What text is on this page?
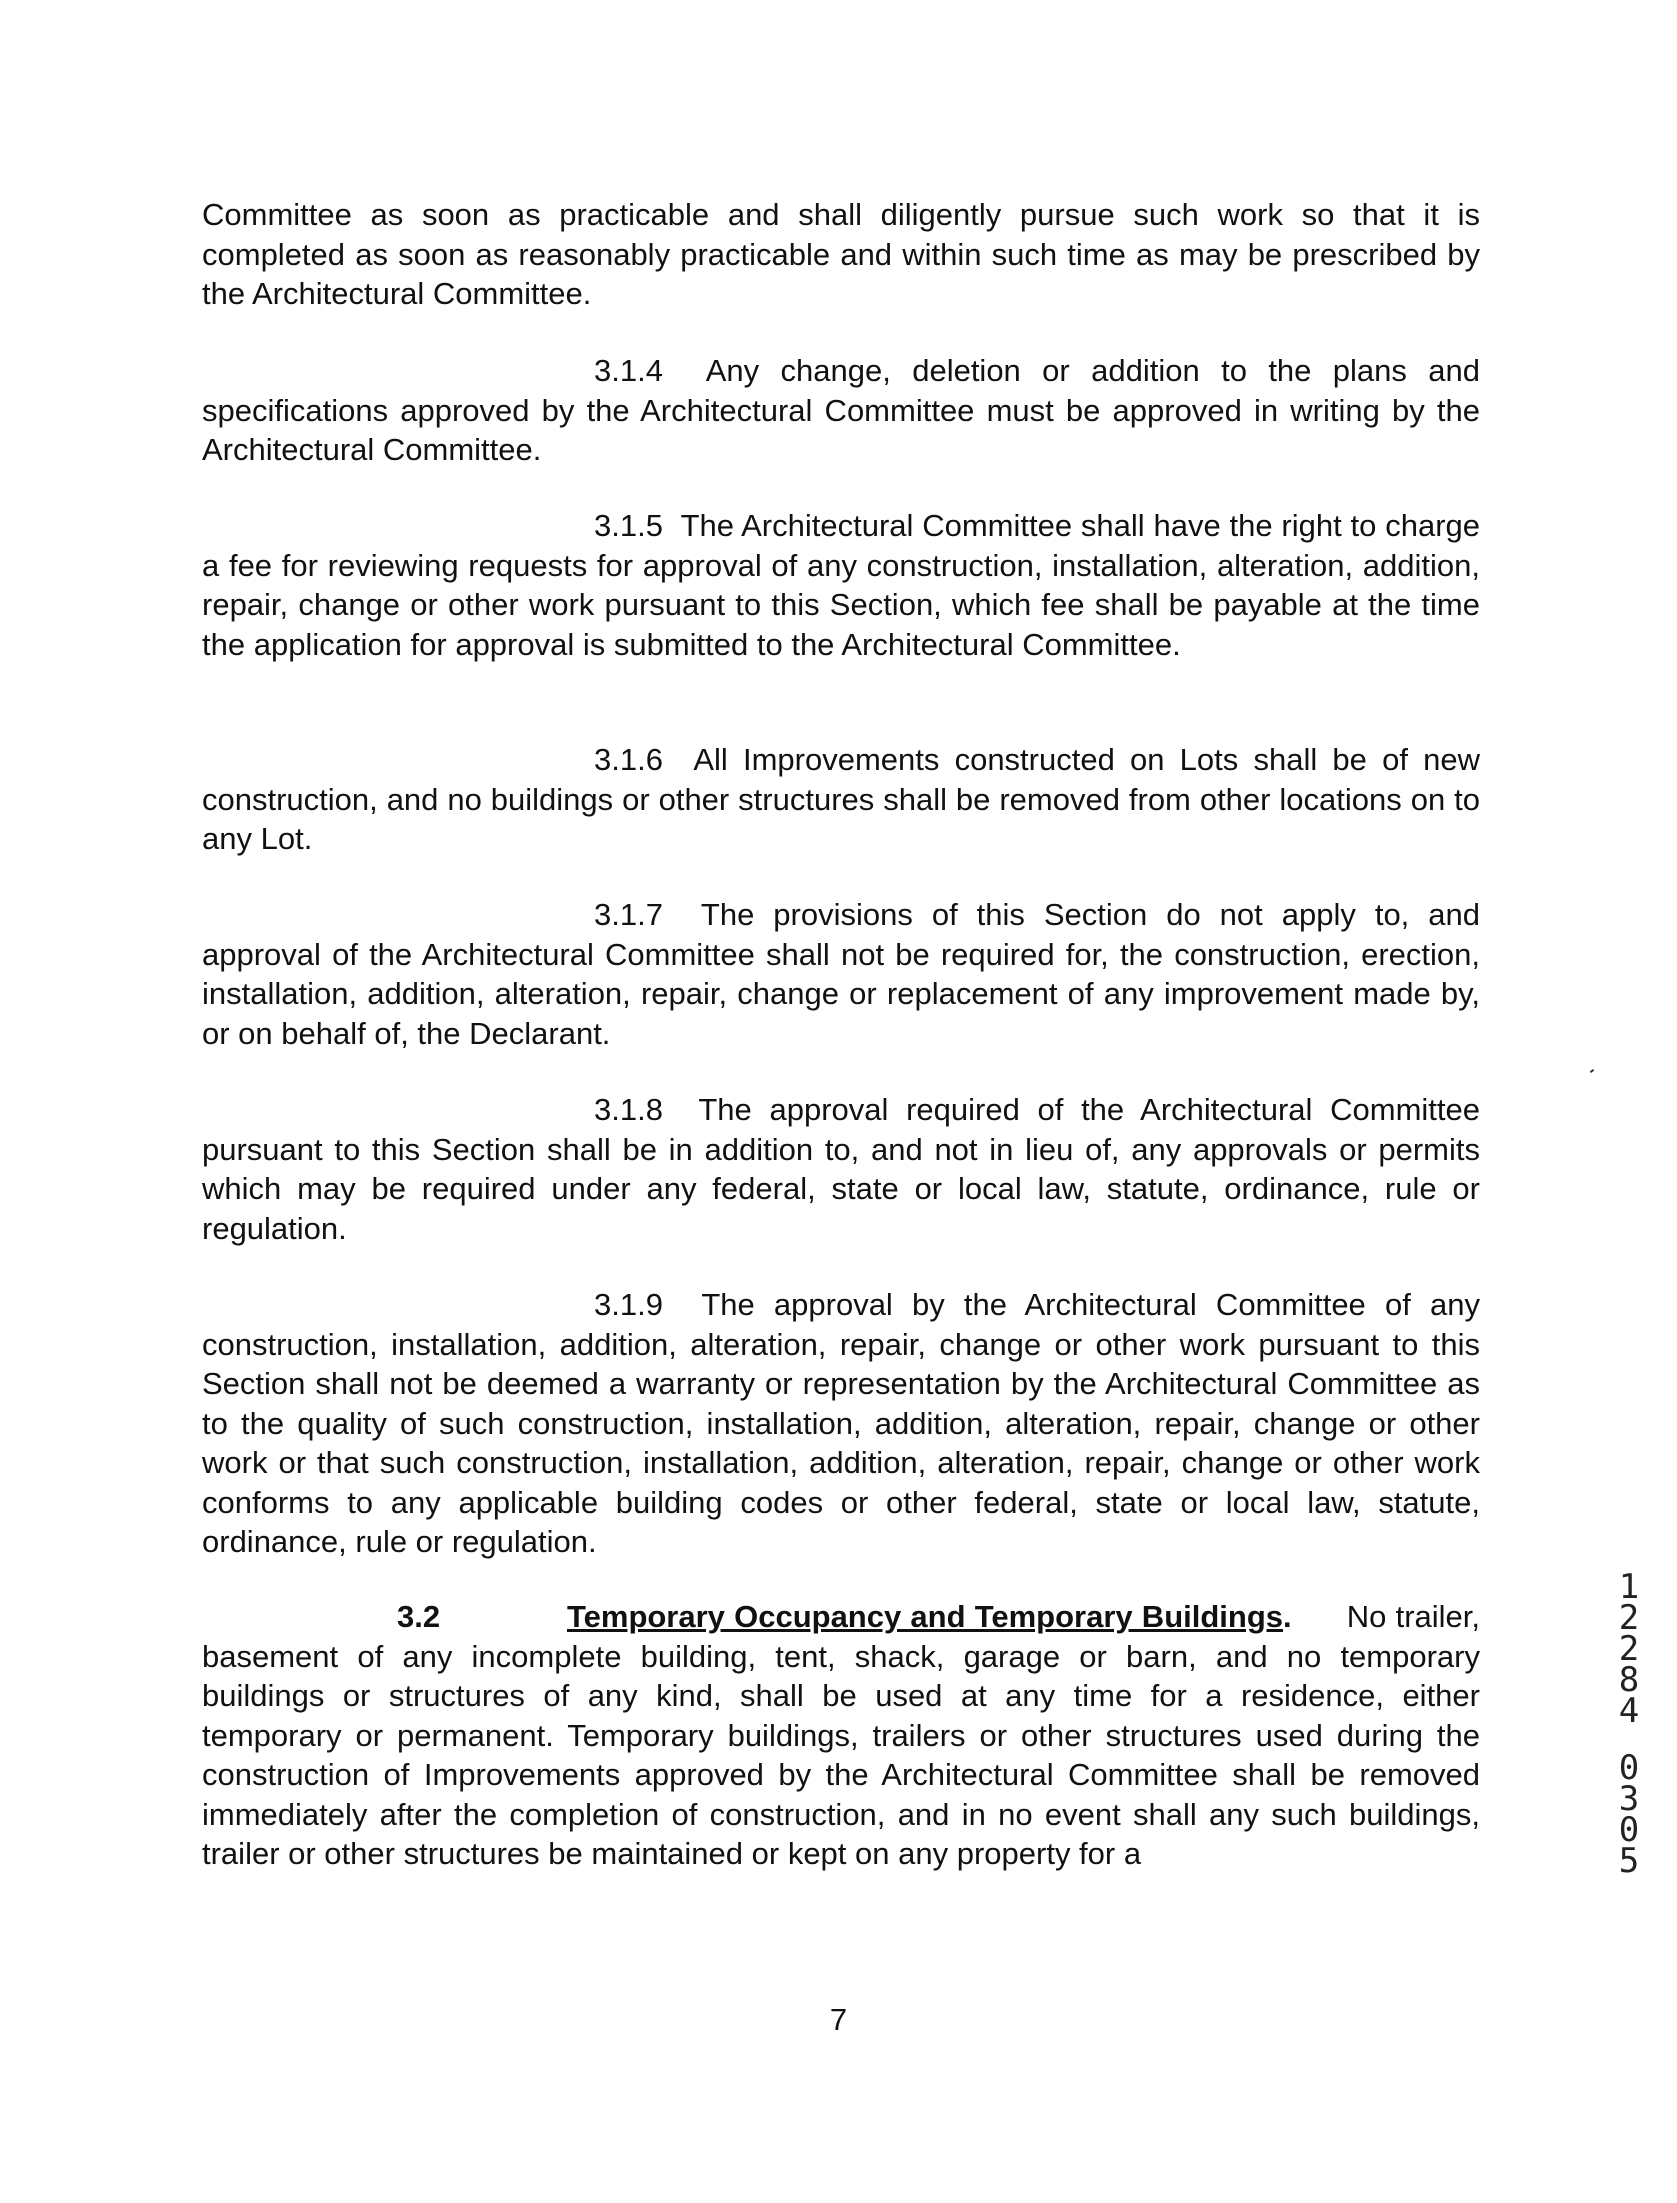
Committee as soon as practicable and shall diligently pursue such work so that it is completed as soon as reasonably practicable and within such time as may be prescribed by the Architectural Committee.

3.1.4 Any change, deletion or addition to the plans and specifications approved by the Architectural Committee must be approved in writing by the Architectural Committee.

3.1.5 The Architectural Committee shall have the right to charge a fee for reviewing requests for approval of any construction, installation, alteration, addition, repair, change or other work pursuant to this Section, which fee shall be payable at the time the application for approval is submitted to the Architectural Committee.

3.1.6 All Improvements constructed on Lots shall be of new construction, and no buildings or other structures shall be removed from other locations on to any Lot.

3.1.7 The provisions of this Section do not apply to, and approval of the Architectural Committee shall not be required for, the construction, erection, installation, addition, alteration, repair, change or replacement of any improvement made by, or on behalf of, the Declarant.

3.1.8 The approval required of the Architectural Committee pursuant to this Section shall be in addition to, and not in lieu of, any approvals or permits which may be required under any federal, state or local law, statute, ordinance, rule or regulation.

3.1.9 The approval by the Architectural Committee of any construction, installation, addition, alteration, repair, change or other work pursuant to this Section shall not be deemed a warranty or representation by the Architectural Committee as to the quality of such construction, installation, addition, alteration, repair, change or other work or that such construction, installation, addition, alteration, repair, change or other work conforms to any applicable building codes or other federal, state or local law, statute, ordinance, rule or regulation.

3.2	Temporary Occupancy and Temporary Buildings. No trailer, basement of any incomplete building, tent, shack, garage or barn, and no temporary buildings or structures of any kind, shall be used at any time for a residence, either temporary or permanent. Temporary buildings, trailers or other structures used during the construction of Improvements approved by the Architectural Committee shall be removed immediately after the completion of construction, and in no event shall any such buildings, trailer or other structures be maintained or kept on any property for a

7

12284
0305
